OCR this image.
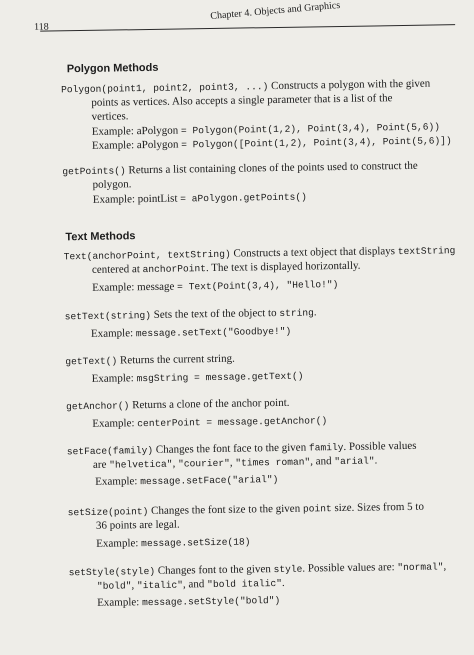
118
Chapter 4. Objects and Graphics
Polygon Methods
Polygon(point1, point2, point3, ...) Constructs a polygon with the given
points as vertices. Also accepts a single parameter that is a list of the
vertices.
Example: aPolygon = Polygon(Point(1,2), Point(3,4), Point(5,6))
Example: aPolygon = Polygon([Point(1,2), Point(3,4), Point(5,6)])
getPoints() Returns a list containing clones of the points used to construct the
polygon.
Example: pointList = aPolygon.getPoints()
Text Methods
Text(anchorPoint, textString) Constructs a text object that displays textString
centered at anchorPoint. The text is displayed horizontally.
Example: message = Text(Point(3,4), "Hello!")
setText(string) Sets the text of the object to string.
Example: message.setText("Goodbye!")
getText() Returns the current string.
Example: msgString = message.getText()
getAnchor() Returns a clone of the anchor point.
Example: centerPoint = message.getAnchor()
setFace(family) Changes the font face to the given family. Possible values
are "helvetica", "courier", "times roman", and "arial".
Example: message.setFace("arial")
setSize(point) Changes the font size to the given point size. Sizes from 5 to
36 points are legal.
Example: message.setSize(18)
setStyle(style) Changes font to the given style. Possible values are: "normal",
"bold", "italic", and "bold italic".
Example: message.setStyle("bold")
